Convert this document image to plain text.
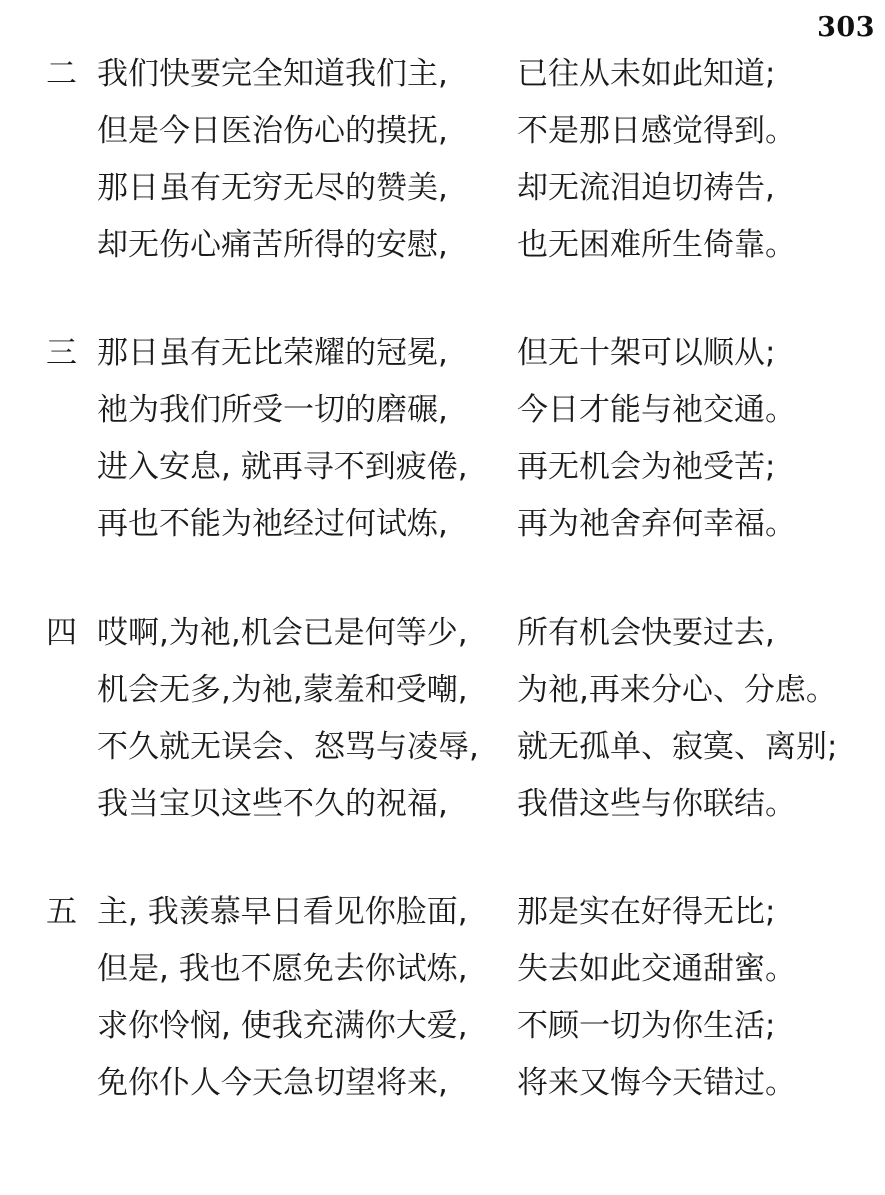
303
二 我们快要完全知道我们主, 已往从未如此知道;
但是今日医治伤心的摸抚, 不是那日感觉得到。
那日虽有无穷无尽的赞美, 却无流泪迫切祷告,
却无伤心痛苦所得的安慰, 也无困难所生倚靠。
三 那日虽有无比荣耀的冠冕, 但无十架可以顺从;
祂为我们所受一切的磨碾, 今日才能与祂交通。
进入安息, 就再寻不到疲倦, 再无机会为祂受苦;
再也不能为祂经过何试炼, 再为祂舍弃何幸福。
四 哎啊,为祂,机会已是何等少, 所有机会快要过去,
机会无多,为祂,蒙羞和受嘲, 为祂,再来分心、分虑。
不久就无误会、怒骂与凌辱, 就无孤单、寂寞、离别;
我当宝贝这些不久的祝福, 我借这些与你联结。
五 主, 我羡慕早日看见你脸面, 那是实在好得无比;
但是, 我也不愿免去你试炼, 失去如此交通甜蜜。
求你怜悯, 使我充满你大爱, 不顾一切为你生活;
免你仆人今天急切望将来, 将来又悔今天错过。
